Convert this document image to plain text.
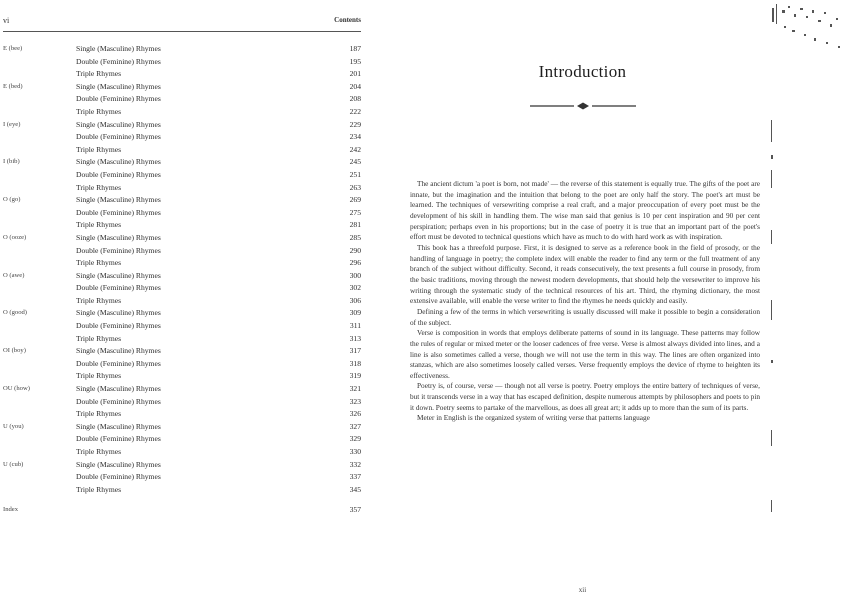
vi	Contents
E (bee)	Single (Masculine) Rhymes	187
Double (Feminine) Rhymes	195
Triple Rhymes	201
E (bed)	Single (Masculine) Rhymes	204
Double (Feminine) Rhymes	208
Triple Rhymes	222
I (eye)	Single (Masculine) Rhymes	229
Double (Feminine) Rhymes	234
Triple Rhymes	242
I (bib)	Single (Masculine) Rhymes	245
Double (Feminine) Rhymes	251
Triple Rhymes	263
O (go)	Single (Masculine) Rhymes	269
Double (Feminine) Rhymes	275
Triple Rhymes	281
O (ooze)	Single (Masculine) Rhymes	285
Double (Feminine) Rhymes	290
Triple Rhymes	296
O (awe)	Single (Masculine) Rhymes	300
Double (Feminine) Rhymes	302
Triple Rhymes	306
O (good)	Single (Masculine) Rhymes	309
Double (Feminine) Rhymes	311
Triple Rhymes	313
OI (boy)	Single (Masculine) Rhymes	317
Double (Feminine) Rhymes	318
Triple Rhymes	319
OU (how)	Single (Masculine) Rhymes	321
Double (Feminine) Rhymes	323
Triple Rhymes	326
U (you)	Single (Masculine) Rhymes	327
Double (Feminine) Rhymes	329
Triple Rhymes	330
U (cub)	Single (Masculine) Rhymes	332
Double (Feminine) Rhymes	337
Triple Rhymes	345
Index	357
Introduction

The ancient dictum 'a poet is born, not made' — the reverse of this statement is equally true. The gifts of the poet are innate, but the imagination and the intuition that belong to the poet are only half the story. The poet's art must be learned. The techniques of versewriting comprise a real craft, and a major preoccupation of every poet must be the development of his skill in handling them. The wise man said that genius is 10 per cent inspiration and 90 per cent perspiration; perhaps even in his proportions; but in the case of poetry it is true that an important part of the poet's effort must be devoted to technical questions which have as much to do with hard work as with inspiration.

This book has a threefold purpose. First, it is designed to serve as a reference book in the field of prosody, or the handling of language in poetry; the complete index will enable the reader to find any term or the full treatment of any branch of the subject without difficulty. Second, it reads consecutively, the text presents a full course in prosody, from the basic traditions, moving through the newest modern developments, that should help the versewriter to improve his writing through the systematic study of the technical resources of his art. Third, the rhyming dictionary, the most extensive available, will enable the verse writer to find the rhymes he needs quickly and easily.

Defining a few of the terms in which versewriting is usually discussed will make it possible to begin a consideration of the subject.

Verse is composition in words that employs deliberate patterns of sound in its language. These patterns may follow the rules of regular or mixed meter or the looser cadences of free verse. Verse is almost always divided into lines, and a line is also sometimes called a verse, though we will not use the term in this way. The lines are often organized into stanzas, which are also sometimes loosely called verses. Verse frequently employs the device of rhyme to heighten its effectiveness.

Poetry is, of course, verse — though not all verse is poetry. Poetry employs the entire battery of techniques of verse, but it transcends verse in a way that has escaped definition, despite numerous attempts by philosophers and poets to pin it down. Poetry seems to partake of the marvellous, as does all great art; it adds up to more than the sum of its parts.

Meter in English is the organized system of writing verse that patterns language

xii
